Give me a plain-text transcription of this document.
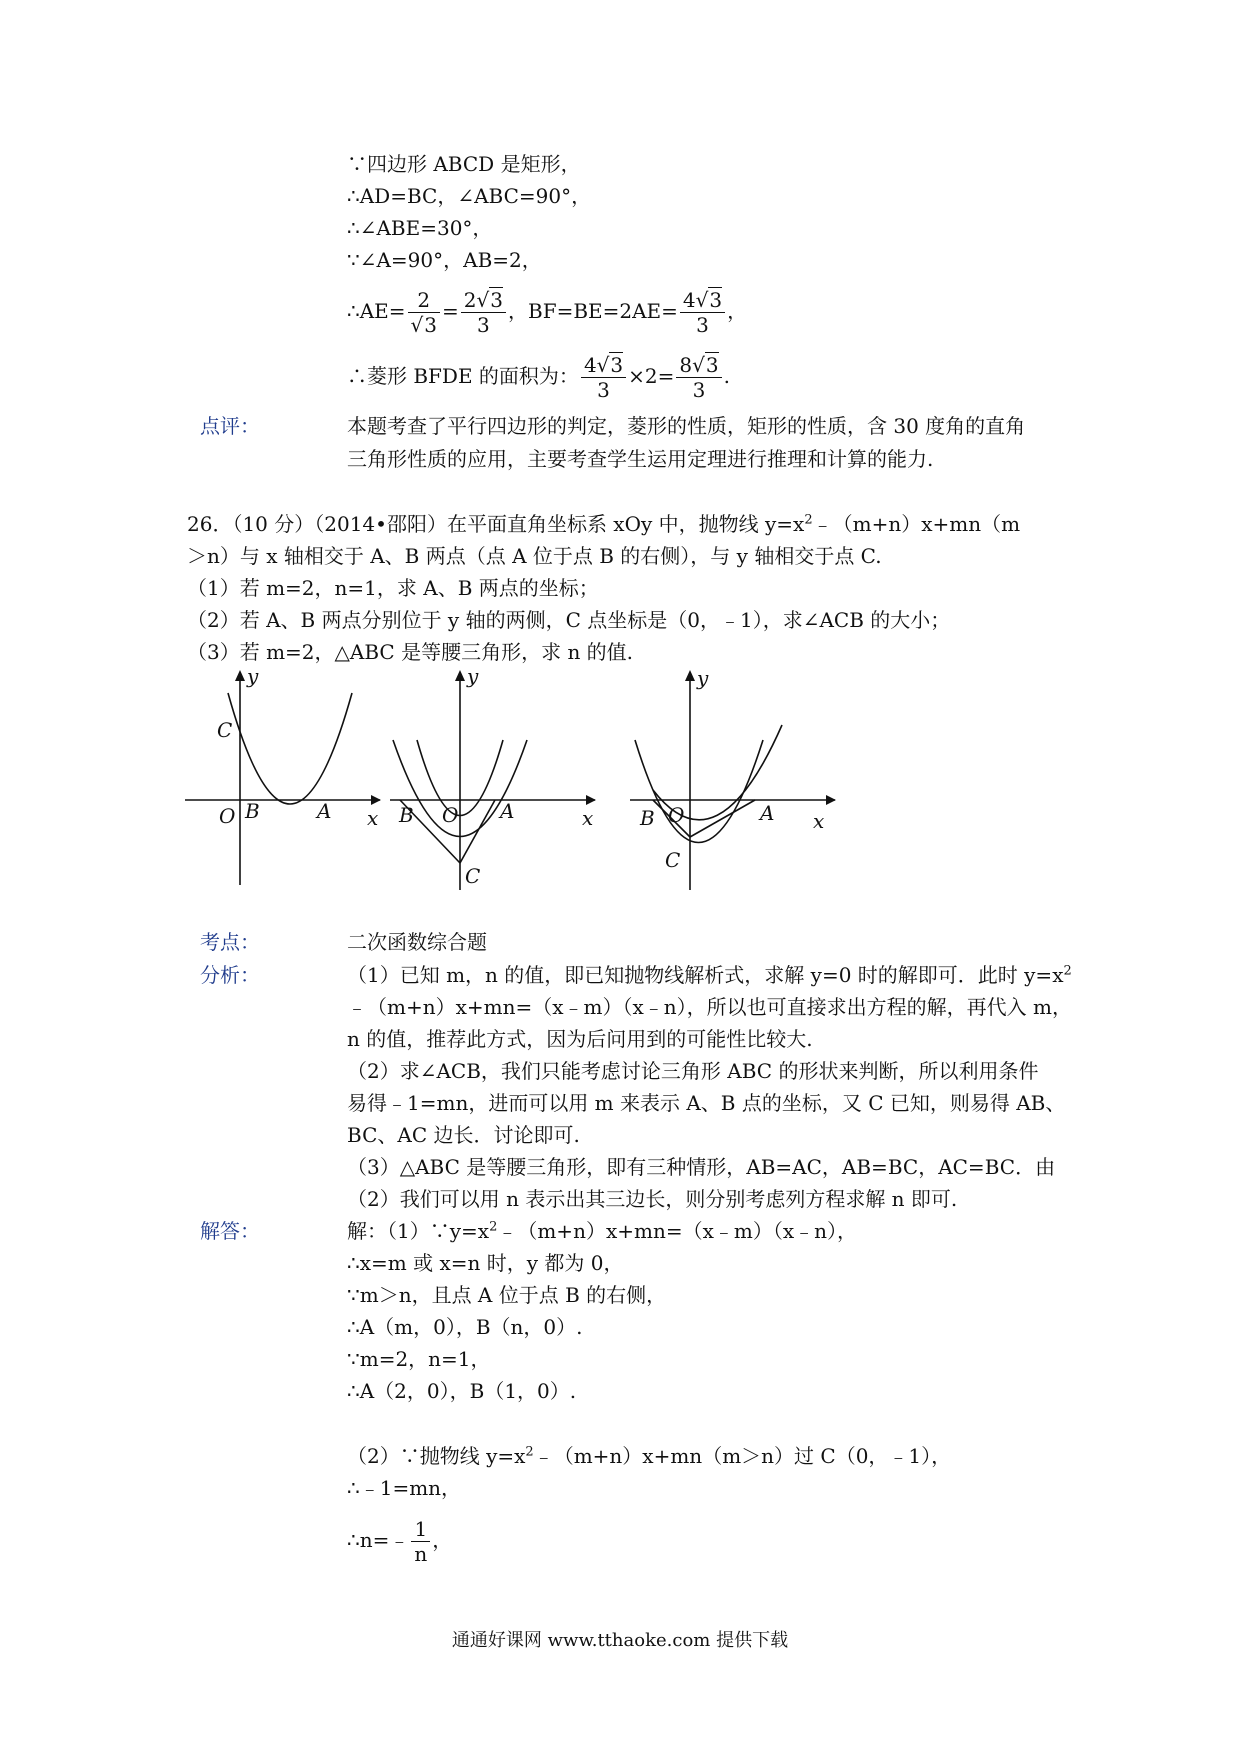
∵四边形 ABCD 是矩形，
∴AD=BC，∠ABC=90°，
∴∠ABE=30°，
∵∠A=90°，AB=2，
∴AE= $\frac{2}{√3} = \frac{2√3}{3}$ ，$BF=BE=2AE= \frac{4√3}{3}$ ，
∴菱形 BFDE 的面积为： $\frac{4√3}{3} \times 2= \frac{8√3}{3}$ .
点评：	本题考查了平行四边形的判定，菱形的性质，矩形的性质，含 30 度角的直角
三角形性质的应用，主要考查学生运用定理进行推理和计算的能力.
26．（10 分）（2014•邵阳）在平面直角坐标系 xOy 中，抛物线 $y=x^2﹣(m+n)x+mn(m$
＞n）与 x 轴相交于 A、B 两点（点 A 位于点 B 的右侧），与 y 轴相交于点 C.
（1）若 m=2，n=1，求 A、B 两点的坐标；
（2）若 A、B 两点分别位于 y 轴的两侧，C 点坐标是（0，﹣1），求∠ACB 的大小；
（3）若 m=2，△ABC 是等腰三角形，求 n 的值.
y
x
O B	A
C
y
x
O
B	A
C
y
x
O
B	A
C
考点：	二次函数综合题
分析：	（1）已知 m，n 的值，即已知抛物线解析式，求解 y=0 时的解即可．此时 $y=x^2$
﹣（m+n）x+mn=（x﹣m）（x﹣n），所以也可直接求出方程的解，再代入 m，
n 的值，推荐此方式，因为后问用到的可能性比较大.
（2）求∠ACB，我们只能考虑讨论三角形 ABC 的形状来判断，所以利用条件
易得﹣1=mn，进而可以用 m 来表示 A、B 点的坐标，又 C 已知，则易得 AB、
BC、AC 边长．讨论即可.
（3）△ABC 是等腰三角形，即有三种情形，AB=AC，AB=BC，AC=BC．由
（2）我们可以用 n 表示出其三边长，则分别考虑列方程求解 n 即可.
解答：	解：$(1)\because y=x^2﹣(m+n)x+mn=(x﹣m)(x﹣n)$，
∴x=m 或 x=n 时，y 都为 0，
∵m＞n，且点 A 位于点 B 的右侧，
∴A（m，0），B（n，0）.
∵m=2，n=1，
∴A（2，0），B（1，0）.
（2）∵抛物线 $y=x^2﹣(m+n)x+mn(m>n)$过 C（0，﹣1），
∴﹣1=mn，
∴n=﹣ $\frac{1}{n}$ ，
通通好课网 www.tthaoke.com 提供下载
